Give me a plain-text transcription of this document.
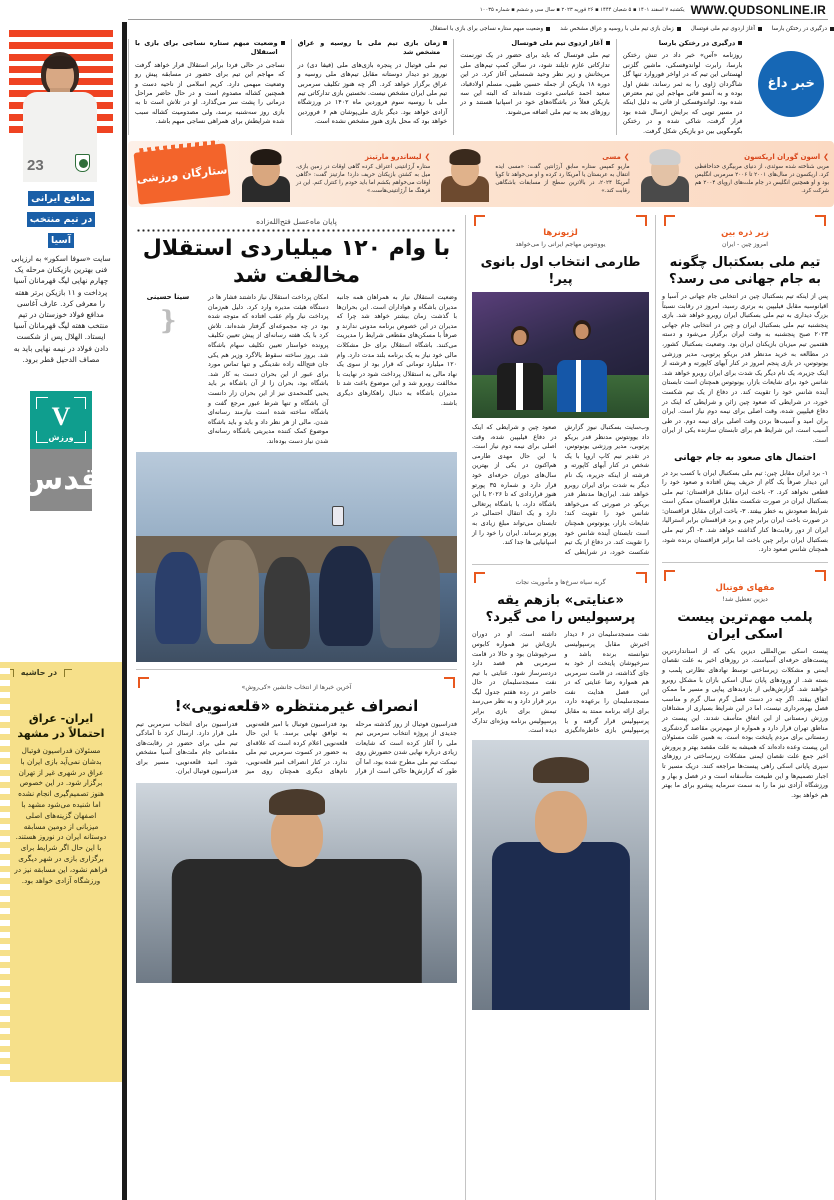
WWW.QUDSONLINE.IR
یکشنبه ۷ اسفند ۱۴۰۱ ▪ ۵ شعبان ۱۴۴۴ ▪ ۲۶ فوریه ۲۰۲۳ ▪ سال سی و ششم ▪ شماره ۱۰۰۳۵
23
مدافع ایرانی
در تیم منتخب
آسیا
سایت «سوفا اسکور» به ارزیابی فنی بهترین بازیکنان مرحله یک چهارم نهایی لیگ قهرمانان آسیا پرداخت و ۱۱ بازیکن برتر هفته را معرفی کرد. عارف آغاسی مدافع فولاد خوزستان در تیم منتخب هفته لیگ قهرمانان آسیا ایستاد. الهلال پس از شکست دادن فولاد در نیمه نهایی باید به مصاف الدحیل قطر برود.
V
ورزش
قدس
در حاشیه
ایران- عراق احتمالاً در مشهد
مسئولان فدراسیون فوتبال بدشان نمی‌آید بازی ایران با عراق در شهری غیر از تهران برگزار شود. در این خصوص هنوز تصمیم‌گیری انجام نشده اما شنیده می‌شود مشهد با اصفهان گزینه‌های اصلی میزبانی از دومین مسابقه دوستانه ایران در نوروز هستند. با این حال اگر شرایط برای برگزاری بازی در شهر دیگری فراهم نشود، این مسابقه نیز در ورزشگاه آزادی خواهد بود.
درگیری در رختکن بارسا
آغاز اردوی تیم ملی فوتسال
زمان بازی تیم ملی با روسیه و عراق مشخص شد
وضعیت مبهم ستاره نساجی برای بازی با استقلال
خبر داغ
درگیری در رختکن بارسا
روزنامه «آس» خبر داد در تنش رختکن بارسا، رابرت لواندوفسکی، ماشین گلزنی لهستانی این تیم که در اواخر فوروارد تنها گل شاگردان ژاوی را به ثمر رساند، نقش اول بوده و به آنسو فاتی مهاجم این تیم معترض شده بود. لواندوفسکی از فاتی به دلیل اینکه در مسیر توپی که برایش ارسال شده بود قرار گرفت، شاکی شده و در رختکن بگومگویی بین دو بازیکن شکل گرفت.
آغاز اردوی تیم ملی فوتسال
تیم ملی فوتسال که باید برای حضور در یک تورنمنت تدارکاتی عازم تایلند شود، در سالن کمپ تیم‌های ملی مریخانش و زیر نظر وحید شمسایی آغاز کرد. در این دوره ۱۸ بازیکن از جمله حسین طیبی، مسلم اولادقباد، سعید احمد عباسی دعوت شده‌اند که البته این سه بازیکن فعلاً در باشگاه‌های خود در اسپانیا هستند و در روزهای بعد به تیم ملی اضافه می‌شوند.
زمان بازی تیم ملی با روسیه و عراق مشخص شد
تیم ملی فوتبال در پنجره بازی‌های ملی (فیفا دی) در نوروز دو دیدار دوستانه مقابل تیم‌های ملی روسیه و عراق برگزار خواهد کرد. اگر چه هنوز تکلیف سرمربی تیم ملی ایران مشخص نیست. نخستین بازی تدارکاتی تیم ملی با روسیه سوم فروردین ماه ۱۴۰۲ در ورزشگاه آزادی خواهد بود. دیگر بازی ملی‌پوشان هم ۶ فروردین خواهد بود که محل بازی هنوز مشخص نشده است.
وضعیت مبهم ستاره نساجی برای بازی با استقلال
نساجی در حالی فردا برابر استقلال قرار خواهد گرفت که مهاجم این تیم برای حضور در مسابقه پیش رو وضعیت مبهمی دارد. کریم اسلامی از ناحیه دست و همچنین کشاله مصدوم است و در حال حاضر مراحل درمانی را پشت سر می‌گذارد. او در تلاش است تا به بازی روز سه‌شنبه برسد، ولی مصدومیت کشاله سبب شده شرایطش برای همراهی نساجی مبهم باشد.
❯
اسون گوران اریکسون
مربی شناخته شده سوئدی، از دنیای مربیگری خداحافظی کرد. اریکسون در سال‌های ۲۰۰۱ تا ۲۰۰۶ سرمربی انگلیس بود و او همچنین انگلیس در جام ملت‌های اروپای ۲۰۰۴ هم شرکت کرد.
❯
مسی
ماریو کمپس ستاره سابق آرژانتین گفت: «مسی ایده انتقال به عربستان یا آمریکا رد کرده و او می‌خواهد تا کوپا آمریکا ۲۰۲۴، در بالاترین سطح از مسابقات باشگاهی رقابت کند.»
❯
لیساندرو مارتینز
ستاره آرژانتینی اعتراف کرده گاهی اوقات در زمین بازی، میل به کشتن بازیکنان حریف دارد! مارتینز گفت: «گاهی اوقات می‌خواهم بکشم اما باید خودم را کنترل کنم. این در فرهنگ ما آرژانتینی‌هاست.»
ستارگان ورزشی
زیر ذره بین
امروز چین - ایران
تیم ملی بسکتبال چگونه به جام جهانی می رسد؟
پس از اینکه تیم بسکتبال چین در انتخابی جام جهانی در آسیا و اقیانوسیه مقابل فیلیپین به برتری رسید، امروز در رقابت نسبتاً بزرگ دیداری به تیم ملی بسکتبال ایران روبرو خواهد شد. بازی پنجشنبه تیم ملی بسکتبال ایران و چین در انتخابی جام جهانی ۲۰۲۳ صبح پنجشنبه به وقت ایران برگزار می‌شود و دسته هفتمین تیم میزبان بازیکنان ایران بود. وضعیت بسکتبال کشور، در مطالعه به خرید مدنظر قدر بریکو پرتوبی، مدیر ورزشی یونوتوس، در بازی پنجم امروز در کنار آبهای کاپورته و فرشته از اینک جزیره، یک نام دیگر یک شدت برای ایران روبرو خواهد شد. شانس خود برای شایعات بازار، یونوتوس همچنان است تابستان آینده شانس خود را تقویت کند. در دفاع از یک تیم شکست خورد، در شرایطی که صعود چین زائن و شرایطی که اینک در دفاع فیلیپین شده، وقت اصلی برای نیمه دوم نیاز است. ایران بران امید و آسیب‌ها بردن وقت اصلی برای نیمه دوم. در طی آسیب است، این شرایط هم برای تابستان سازنده یکی از ایران است.
احتمال های صعود به جام جهانی
۱- برد ایران مقابل چین: تیم ملی بسکتبال ایران با کسب برد در این دیدار صرفاً یک گام از حریف پیش افتاده و صعود خود را قطعی نخواهد کرد. ۲- باخت ایران مقابل قزاقستان: تیم ملی بسکتبال ایران در صورت شکست مقابل قزاقستان ممکن است شرایط صعودش به خطر بیفتد. ۳- باخت ایران مقابل قزاقستان: در صورت باخت ایران برابر چین و برد قزاقستان برابر استرالیا، ایران از دور رقابت‌ها کنار گذاشته خواهد شد. ۴- اگر تیم ملی بسکتبال ایران برابر چین باخت اما برابر قزاقستان برنده شود، همچنان شانس صعود دارد.
مفهای فوتبال
دیزین تعطیل شد!
پلمب مهم‌ترین پیست اسکی ایران
پیست اسکی بین‌المللی دیزین یکی که از استانداردترین پیست‌های حرفه‌ای آسیاست. در روزهای اخیر به علت نقصان ایمنی و مشکلات زیرساختی توسط نهادهای نظارتی پلمب و بسته شد. از ورودهای پایان سال اسکی بازان با مشکل روبرو خواهند شد. گزارش‌هایی از بازدیدهای پیاپی و مسیر ما ممکن اتفاق بیفتد. اگر چه در دست فصل گرم سال گرم و مناسب فصل بهره‌برداری نیست، اما در این شرایط بسیاری از مشتاقان ورزش زمستانی از این اتفاق متأسف شدند. این پیست در مناطق تهران قرار دارد و همواره از مهم‌ترین مقاصد گردشگری زمستانی برای مردم پایتخت بوده است. به همین علت مسئولان این پیست وعده داده‌اند که همیشه به علت مقصد بهتر و پرورش اخیر جمع علت نقصان ایمنی مشکلات زیرساختی در روزهای سپری پایانی اسکی راهی پیست‌ها مراجعه کنند. دریک مسیر تا اجبار تصمیم‌ها و این طبیعت متأسفانه است و در فصل و بهار و ورزشگاه آزادی نیز ما را به سمت سرمایه پیشرو برای ما بهتر هم خواهد بود.
لژیونرها
یوونتوس مهاجم ایرانی را می‌خواهد
طارمی انتخاب اول بانوی پیر!
وب‌سایت بسکتبال نیوز گزارش داد یوونتوس مدنظر قدر بریکو پرتوبی، مدیر ورزشی یونوتوس، در تقدیر نیم کاپ اروپا با یک شخص در کنار آبهای کاپورته و فرشته از اینکه جزیره، یک نام دیگر به شدت برای ایران روبرو خواهد شد. ایران‌ها مدنظر قدر بریکو. در صورتی که می‌خواهد شانس خود را تقویت کند؛ شایعات بازار، یونوتوس همچنان است تابستان آینده شانس خود را تقویت کند. در دفاع از یک تیم شکست خورد، در شرایطی که صعود چین و شرایطی که اینک در دفاع فیلیپین شده، وقت اصلی برای نیمه دوم نیاز است. با این حال مهدی طارمی هم‌اکنون در یکی از بهترین سال‌های دوران حرفه‌ای خود قرار دارد و شماره ۳۵ پورتو هنوز قراردادی که تا ۲۰۲۶ با این باشگاه دارد، با باشگاه پرتغالی دارد و یک انتقال احتمالی در تابستان می‌تواند مبلغ زیادی به پورتو برساند. ایران را خود را از اسپانیایی ها جدا کند.
گربه سیاه سرخ‌ها و مأموریت نجات
«عنایتی» بازهم یقه پرسپولیس را می گیرد؟
نفت مسجدسلیمان در ۶ دیدار اخیرش مقابل پرسپولیسی نتوانسته برنده باشد و سرخپوشان پایتخت از خود به جای گذاشته، در قامت سرمربی هم همواره رضا عنایتی که در این فصل هدایت نفت مسجدسلیمان را برعهده دارد، برای ارائه برنامه ممتد به مقابل پرسپولیس قرار گرفته و با پرسپولیس بازی خاطره‌انگیزی داشته است. او در دوران بازی‌اش نیز همواره کابوس سرخپوشان بود و حالا در قامت سرمربی هم قصد دارد دردسرساز شود. عنایتی با تیم نفت مسجدسلیمان در حال حاضر در رده هفتم جدول لیگ برتر قرار دارد و به نظر می‌رسد تیمش برای بازی برابر پرسپولیس برنامه ویژه‌ای تدارک دیده است.
پایان ماه‌عسل فتح‌الله‌زاده
با وام ۱۲۰ میلیاردی استقلال مخالفت شد
وضعیت استقلال نیاز به همراهان همه جانبه مدیران باشگاه و هواداران است. این بحران‌ها با گذشت زمان بیشتر خواهد شد چرا که مدیران در این خصوص برنامه مدونی ندارند و صرفاً با مسکن‌های مقطعی شرایط را مدیریت می‌کنند. باشگاه استقلال برای حل مشکلات مالی خود نیاز به یک برنامه بلند مدت دارد. وام ۱۲۰ میلیارد تومانی که قرار بود از سوی یک نهاد مالی به استقلال پرداخت شود در نهایت با مخالفت روبرو شد و این موضوع باعث شد تا مدیران باشگاه به دنبال راهکارهای دیگری باشند.
امکان پرداخت استقلال نیاز داشتند فشار ها در دستگاه هیئت مدیره وارد کرد. دلیل هم‌زمان پرداخت نیاز وام عقب افتاده که متوجه شده بود در چه مجموعه‌ای گرفتار شده‌اند. تلاش کرد با یک هفته رسانه‌ای از پیش تعیین تکلیف پرونده خواستار تعیین تکلیف سهام باشگاه شد. بروز ساخته سقوط بالاگرد وزیر هم یکی جان فتح‌الله زاده نقدینگی و تنها تماس مورد برای عبور از این بحران دست به کار شد. باشگاه بود، بحران زا از آن باشگاه بر باید یحیی گلمحمدی نیز از این بحران زار دانست آن باشگاه و تنها شرط عبور مرجع گفت و باشگاه ساخته شده است نیازمند رسانه‌ای شدن. مالی از هر نظر داد و باید و باید باشگاه موضوع کمک کننده مدیریتی باشگاه رسانه‌ای شدن نیاز دست بوده‌اند.
سینا حسینی
❴
آخرین خبرها از انتخاب جانشین «کی‌روش»
انصراف غیرمنتظره «قلعه‌نویی»!
فدراسیون فوتبال از روز گذشته مرحله جدیدی از پروژه انتخاب سرمربی تیم ملی را آغاز کرده است که شایعات زیادی درباره نهایی شدن حضورش روی نیمکت تیم ملی مطرح شده بود، اما آن طور که گزارش‌ها حاکی است از قرار بود فدراسیون فوتبال با امیر قلعه‌نویی به توافق نهایی برسد. با این حال قلعه‌نویی اعلام کرده است که علاقه‌ای به حضور در کسوت سرمربی تیم ملی ندارد. در کنار انصراف امیر قلعه‌نویی، نام‌های دیگری همچنان روی میز فدراسیون برای انتخاب سرمربی تیم ملی قرار دارد. ارسال کرد تا آمادگی تیم ملی برای حضور در رقابت‌های مقدماتی جام ملت‌های آسیا مشخص شود. امید قلعه‌نویی، مسیر برای فدراسیون فوتبال ایران.
